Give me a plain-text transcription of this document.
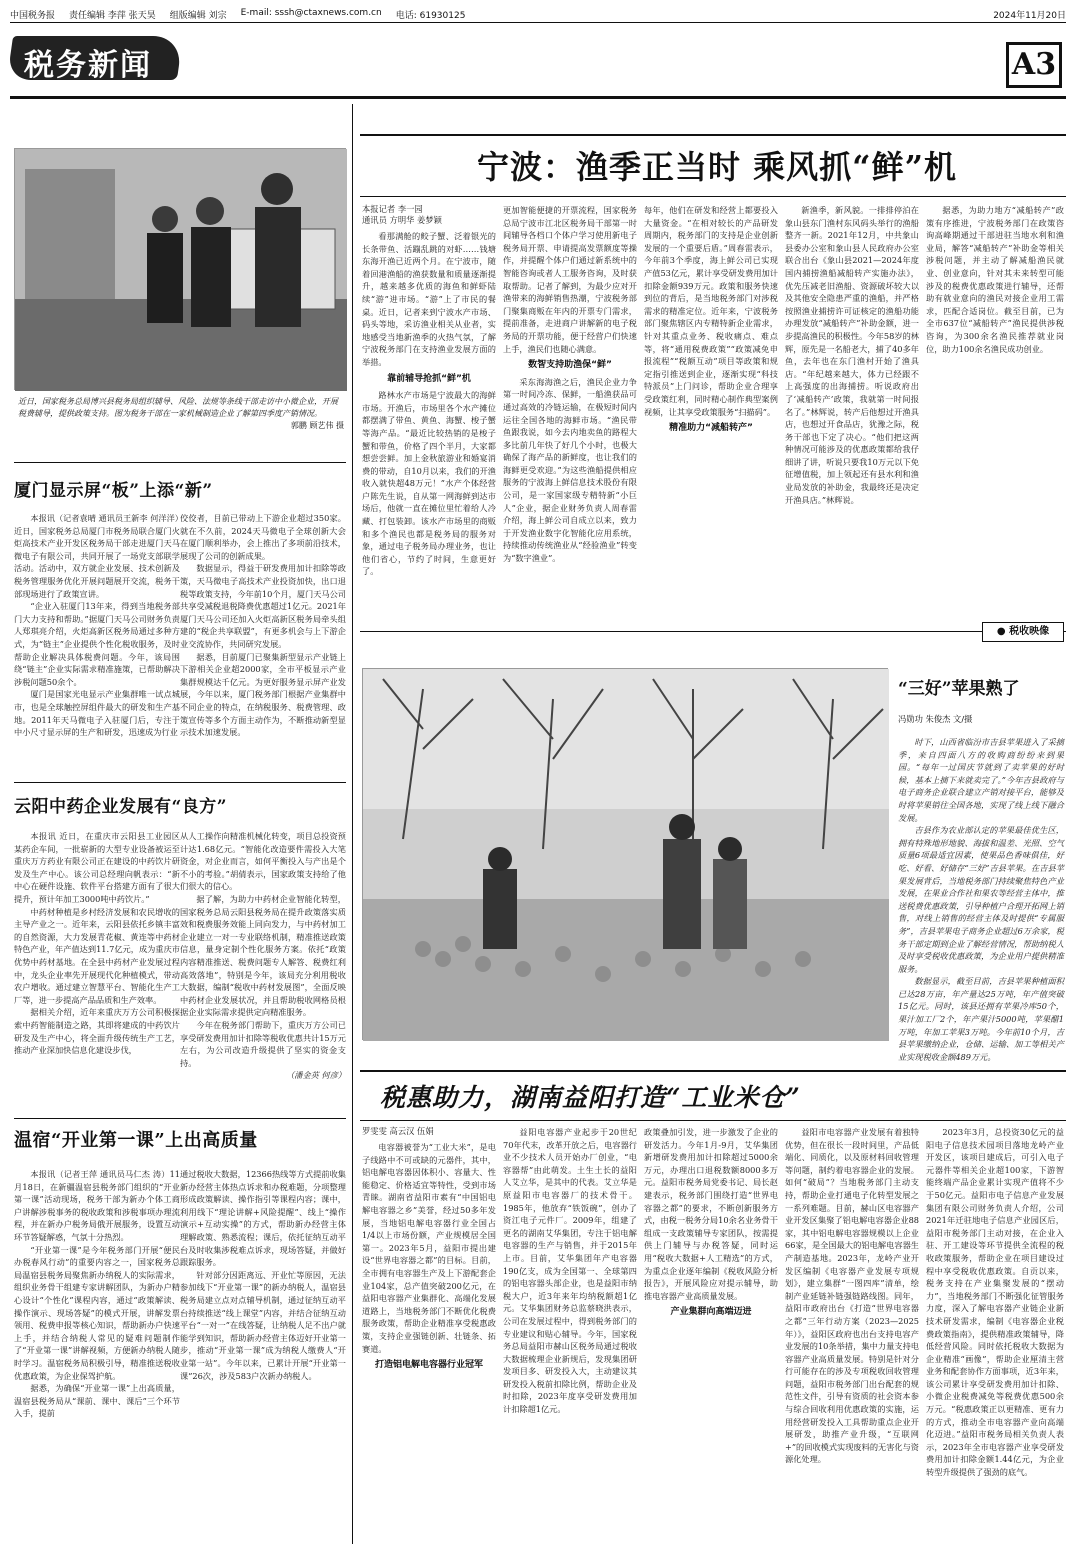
中国税务报 责任编辑 李萍 张天昊 组版编辑 刘宗 E-mail: sssh@ctaxnews.com.cn 电话: 61930125	2024年11月20日
税务新闻	A3
近日，国家税务总局博兴县税务局组织辅导、风险、法规等条线干部走访中小微企业，开展税费辅导，提供政策支持。图为税务干部在一家机械制造企业了解第四季度产销情况。
郭鹏 顾艺伟 摄
厦门显示屏“板”上添“新”

本报讯（记者袁晴 通讯员王新李 何洋洋）近日，国家税务总局厦门市税务局联合厦门火炬高技术产业开发区税务局干部走进厦门天马微电子有限公司，共同开展了一场党支部联学活动。活动中，双方就企业发展、技术创新及税务管理服务优化开展问题展开交流，税务干部现场进行了政策宣讲。

“企业入驻厦门13年来，得到当地税务部门大力支持和帮助。”据厦门天马公司财务负责人郑琪亮介绍，火炬高新区税务局通过多种方式，为“链主”企业提供个性化税收服务，及时帮助企业解决具体税费问题。今年，该局围绕“链主”企业实际需求精准施策，已帮助解决涉税问题50余个。

厦门是国家光电显示产业集群唯一试点城市，也是全球触控屏组件最大的研发和生产基地。2011年天马微电子入驻厦门后，专注于中小尺寸显示屏的生产和研发，迅速成为行业

佼佼者，目前已带动上下游企业超过350家。就在不久前，2024天马微电子全球创新大会在厦门顺利举办，会上推出了多项前沿技术，展现了公司的创新成果。

数据显示，得益于研发费用加计扣除等政策，天马微电子高技术产业投资加快，出口退税等政策支持，今年前10个月，厦门天马公司共享受减税退税降费优惠超过1亿元。2021年厦门天马公司还加入火炬高新区税务局牵头组建的“税企共享联盟”，有更多机会与上下游企业交流协作，共同研究发展。

据悉，目前厦门已聚集新型显示产业链上下游相关企业超2000家，全市平板显示产业集群规模达千亿元。为更好服务显示屏产业发展，今年以来，厦门税务部门根据产业集群中不同企业的特点，在纳税服务、税费管理、政策宣传等多个方面主动作为，不断推动新型显示技术加速发展。

云阳中药企业发展有“良方”

本报讯 近日，在重庆市云阳县工业园区某药企车间，一批崭新的大型专业设备被运至重庆万方药业有限公司正在建设的中药饮片研发及生产中心。该公司总经理向帆表示：“新中心在硬件设施、软件平台搭建方面有了很大提升，预计年加工3000吨中药饮片。”

中药材种植是乡村经济发展和农民增收的主导产业之一。近年来，云阳县依托乡镇丰富的自然资源，大力发展青花椒、黄连等中药材特色产业，年产值达到11.7亿元，成为重庆市优势中药材基地。在全县中药材产业发展过程中，龙头企业率先开展现代化种植模式，带动农户增收。通过建立智慧平台、智能化生产工厂等，进一步提高产品品质和生产效率。

据相关介绍，近年来重庆万方公司积极探索中药智能制造之路，其即将建成的中药饮片研发及生产中心，将全面升级传统生产工艺，推动产业深加快信息化建设步伐，

从人工操作向精准机械化转变，项目总投资预计达1.68亿元。“智能化改造要件需投入大笔资金，对企业而言，如何平衡投入与产出是个不小的考验。”胡倩表示，国家政策支持给了他们很大的信心。

据了解，为助力中药材企业智能化转型，国家税务总局云阳县税务局在提升政策落实质效和税费服务效能上同向发力，与中药材加工企业建立一对一专业联络机制，精准推送政策信息，量身定制个性化服务方案。依托“政策内容精准推送、税费问题专人解答、税费红利高效落地”，特别是今年，该局充分利用税收大数据，编制“税收中药材发展图”，全面反映中药材企业发展状况，并且帮助税收网格员根据企业实际需求提供定向精准服务。

今年在税务部门帮助下，重庆万方公司已享受研发费用加计扣除等税收优惠共计15万元左右，为公司改造升级提供了坚实的资金支持。

（潘金英 何彦）
温宿“开业第一课”上出高质量

本报讯（记者王萍 通讯员马仁杰 涛）11月18日，在新疆温宿县税务部门组织的“开业第一课”活动现场，税务干部为新办个体工商户讲解涉税事务的税收政策和涉税事项办理流程，并在新办户税务局俄开展服务，设置互动环节答疑解惑，气氛十分热烈。

“开业第一课”是今年税务部门开展“便民办税春风行动”的重要内容之一，国家税务总局温宿县税务局聚焦新办纳税人的实际需求，组织业务骨干组建专家讲解团队，为新办户精心设计“个性化”课程内容，通过“政策解读、操作演示、现场答疑”的模式开展，讲解发票领用、税费申报等核心知识，帮助新办户快速上手，并结合纳税人常见的疑难问题制作了“开业第一课”讲解视频，方便新办纳税人随时学习。温宿税务局积极引导，精准推送税收优惠政策，为企业保驾护航。

据悉，为确保“开业第一课”上出高质量，温宿县税务局从“课前、课中、课后”三个环节入手，提前

通过税收大数据，12366热线等方式提前收集新办经营主体热点诉求和办税难题，分项整理形成政策解读、操作指引等课程内容；课中，利用线下“理论讲解+风险提醒”、线上“操作演示+互动实操”的方式，帮助新办经营主体理解政策、熟悉流程；课后，依托征纳互动平台及时收集涉税难点诉求，现场答疑，并做好跟踪服务。

针对部分因距离远、开业忙等原因，无法参加线下“开业第一课”的新办纳税人，温宿县税务局建立点对点辅导机制，通过征纳互动平台持续推送“线上课堂”内容，并结合征纳互动平台“一对一”在线答疑，让纳税人足不出户就能学到知识，帮助新办经营主体迈好开业第一步，推动“开业第一课”成为纳税人缴费人“开业第一站”。今年以来，已累计开展“开业第一课”26次，涉及583户次新办纳税人。

宁波：渔季正当时 乘风抓“鲜”机
本报记者 李一园
通讯员 方明华 姜梦颖

看那满舱的鲛子蟹、泛着银光的长条带鱼、活蹦乱跳的对虾……钱塘东海开渔已近两个月。在宁波市，随着回港渔船的渔获数量和质量逐渐提升，越来越多优质的海鱼和鲜虾陆续“游”进市场。“游”上了市民的餐桌。近日，记者来到宁波水产市场、码头等地，采访渔业相关从业者，实地感受当地新渔季的火热气氛，了解宁波税务部门在支持渔业发展方面的举措。

靠前辅导抢抓“鲜”机

路林水产市场是宁波最大的海鲜市场。开渔后，市场里各个水产摊位都摆满了带鱼、黄鱼、海蟹、梭子蟹等海产品。“最近比较热销的是梭子蟹和带鱼，价格了四个半月，大家都想尝尝鲜。加上金秋旅游业和婚宴消费的带动，自10月以来，我们的开渔收入就快超48万元！”水产个体经营户陈先生说，自从第一网海鲜到达市场后，他就一直在摊位里忙着给人冷藏、打包装卸。该水产市场里的商贩和多个渔民也都是税务局的服务对象，通过电子税务局办理业务，也让他们省心，节约了时间，生意更好了。

更加智能便捷的开票流程，国家税务总局宁波市江北区税务局干部第一时间辅导各档口个体户学习使用新电子税务局开票、申请提高发票额度等操作，并提醒个体户们通过新系统中的智能咨询或者人工服务咨询，及时获取帮助。记者了解到，为最少应对开渔带来的海鲜销售热潮，宁波税务部门聚集商贩在年内的开票专门需求，提前准备，走进商户讲解新的电子税务局的开票功能，便于经营户们快速上手，渔民们也随心满意。

数智支持助渔保“鲜”

采东海海渔之后，渔民企业力争第一时间冷冻、保鲜，一船渔获品可通过高效的冷链运输，在极短时间内运往全国各地的海鲜市场。“渔民带鱼跟我说，如今去内地卖鱼的路程大多比前几年快了好几个小时，也极大确保了海产品的新鲜度，也让我们的海鲜更受欢迎。”为这些渔船提供相应服务的宁波海上鲜信息技术股份有限公司，是一家国家级专精特新“小巨人”企业，据企业财务负责人周春雷介绍，海上鲜公司自成立以来，致力于开发渔业数字化智能化应用系统，持续推动传统渔业从“经验渔业”转变为“数字渔业”。

每年，他们在研发和经营上都要投入大量资金。“在相对较长的产品研发周期内，税务部门的支持是企业创新发展的一个重要后盾。”周春雷表示，今年前3个季度，海上鲜公司已实现产值53亿元，累计享受研发费用加计扣除金额939万元。政策和服务快速到位的背后，是当地税务部门对涉税需求的精准定位。近年来，宁波税务部门聚焦辖区内专精特新企业需求，针对其重点业务、税收痛点、难点等，将“通用税费政策”“政策减免申报流程”“税额互动”项目等政策和规定指引推送到企业，逐渐实现“科技特派员”上门问诊，帮助企业合理享受政策红利，同时精心制作典型案例视频，让其享受政策服务“扫描码”。

精准助力“减船转产”

新渔季，新风貌。一排排停泊在象山县东门渔村东风码头举行的渔船整齐一新。2021年12月，中共象山县委办公室和象山县人民政府办公室联合出台《象山县2021—2024年度国内捕捞渔船减船转产实施办法》，优先压减老旧渔船、资源破坏较大以及其他安全隐患严重的渔船，并严格按照渔业捕捞许可证核定的渔船功能办理发放“减船转产”补助金额，进一步提高渔民的积极性。今年58岁的林辉，原先是一名船老大，捕了40多年鱼，去年也在东门渔村开始了渔具店。“年纪越来越大，体力已经跟不上高强度的出海捕捞。听说政府出了‘减船转产’政策，我就第一时间报名了。”林辉说，转产后他想过开渔具店，也想过开食品店，犹豫之际，税务干部也下定了决心。“他们把这两种情况可能涉及的优惠政策都给我仔细讲了讲，听说只要我10万元以下免征增值税，加上领起还有县水利和渔业局发放的补助金，我最终还是决定开渔具店。”林辉说。

据悉，为助力地方“减船转产”政策有序推进，宁波税务部门在政策咨询高峰期通过干部进驻当地水利和渔业局，解答“减船转产”补助金等相关涉税问题，并主动了解减船渔民就业、创业意向，针对其未来转型可能涉及的税费优惠政策进行辅导，还帮助有就业意向的渔民对接企业用工需求，匹配合适岗位。截至目前，已为全市637位“减船转产”渔民提供涉税咨询，为300余名渔民推荐就业岗位，助力100余名渔民成功创业。

● 税收映像
“三好”苹果熟了
冯勋功 朱俊杰 文/摄

时下，山西省临汾市吉县苹果进入了采摘季，来自四面八方的收购商纷纷来到果园。“每年一过国庆节就到了卖苹果的好时候，基本上摘下来就卖完了。”今年吉县政府与电子商务企业联合建立产销对接平台，能够及时将苹果销往全国各地，实现了线上线下融合发展。

吉县作为农业部认定的苹果最佳优生区，拥有特殊地形地貌、海拔和温差、光照、空气质量6项最适宜因素，使果品色香味俱佳，好吃、好看、好储存“三好”吉县苹果。在吉县苹果发展背后，当地税务部门持续聚焦特色产业发展，在果业合作社和果农等经营主体中，推送税费优惠政策，引导种植户合理开拓网上销售，对线上销售的经营主体及时提供“专属服务”，吉县苹果电子商务企业超过6万余家，税务干部定期到企业了解经营情况，帮助纳税人及时享受税收优惠政策，为企业用户提供精准服务。

数据显示，截至目前，吉县苹果种植面积已达28万亩，年产量达25万吨，年产值突破15亿元。同时，该县还拥有苹果冷库50个，果汁加工厂2个，年产果汁5000吨，苹果醋1万吨，年加工苹果3万吨。今年前10个月，吉县苹果缴纳企业，仓储、运输、加工等相关产业实现税收金额489万元。

税惠助力，湖南益阳打造“工业米仓”
罗雯雯 高云汉 伍娟

电容器被誉为“工业大米”，是电子线路中不可或缺的元器件，其中，铝电解电容器因体积小、容量大、性能稳定、价格适宜等特性，受到市场青睐。湖南省益阳市素有“中国铝电解电容器之乡”美誉，经过50多年发展，当地铝电解电容器行业全国占1/4以上市场份额，产业规模居全国第一。2023年5月，益阳市提出建设“世界电容器之都”的目标。目前，全市拥有电容器生产及上下游配套企业104家，总产值突破200亿元，在益阳电容器产业集群化、高端化发展道路上，当地税务部门不断优化税费服务政策，帮助企业精准享受税惠政策，支持企业强链创新、壮链条、拓赛道。

打造铝电解电容器行业冠军

益阳电容器产业起步于20世纪70年代末，改革开放之后，电容器行业不少技术人员开始办厂创业，“电容器帮”由此萌发。土生土长的益阳人艾立华，是其中的代表。艾立华是原益阳市电容器厂的技术骨干。1985年，他放弃“铁饭碗”，创办了资江电子元件厂。2009年，组建了更名的湖南艾华集团，专注于铝电解电容器的生产与销售，并于2015年上市。目前，艾华集团年产电容器190亿支，成为全国第一、全球第四的铝电容器头部企业，也是益阳市纳税大户，近3年来年均纳税额超1亿元。艾华集团财务总监蔡晓洪表示，公司在发展过程中，得到税务部门的专业建议和贴心辅导。今年，国家税务总局益阳市赫山区税务局通过税收大数据梳理企业新规后，发现集团研发项目多、研发投入大，主动建议其研发投入税前扣除比例，帮助企业及时扣除，2023年度享受研发费用加计扣除超1亿元。

政策叠加引发，进一步激发了企业的研发活力。今年1月-9月，艾华集团新增研发费用加计扣除超过5000余万元，办理出口退税数额8000多万元。益阳市税务局党委书记、局长赵建表示，税务部门围绕打造“世界电容器之都”的要求，不断创新服务方式，由税一税务分局10余名业务骨干组成一支政策辅导专家团队，按需提供上门辅导与办税答疑，同时运用“税收大数据+人工精选”的方式，为重点企业逐年编制《税收风险分析报告》，开展风险应对提示辅导，助推电容器产业高质量发展。

产业集群向高端迈进

益阳市电容器产业发展有着独特优势，但在很长一段时间里，产品低端化、同质化，以及原材料回收管理等问题，制约着电容器企业的发展。如何“破局”？当地税务部门主动支持，帮助企业打通电子化转型发展之一系列难题。目前，赫山区电容器产业开发区集聚了铝电解电容器企业88家，其中铝电解电容器规模以上企业66家，是全国最大的铝电解电容器生产制造基地。2023年，龙岭产业开发区编制《电容器产业发展专项规划》，建立集群“一图四库”清单，绘制产业延链补链强链路线图。同年，益阳市政府出台《打造“世界电容器之都”三年行动方案（2023—2025年）》，益阳区政府也出台支持电容产业发展的10条举措，集中力量支持电容器产业高质量发展。特别是针对分行可能存在的涉及专项税收回收管理问题，益阳市税务部门出台配套的规范性文件，引导有资质的社会资本参与综合回收利用优惠政策的实施，运用经营研发投入工具帮助重点企业开展研发，助推产业升级，“互联网+”的回收模式实现废料的无害化与资源化处理。

2023年3月，总投资30亿元的益阳电子信息技术园项目落地龙岭产业开发区，该项目建成后，可引入电子元器件等相关企业超100家，下游智能终端产品企业累计实现产值将不少于50亿元。益阳市电子信息产业发展集团有限公司财务负责人介绍，公司2021年迁驻地电子信息产业园区后，益阳市税务部门主动对接，在企业入驻、开工建设等环节提供全流程的税收政策服务，帮助企业在项目建设过程中享受税收优惠政策。自贡以来，税务支持在产业集聚发展的“摆动力”，当地税务部门不断强化征管服务力度，深入了解电容器产业链企业新技术研发需求，编制《电容器企业税费政策指南》，提供精准政策辅导，降低经营风险。同时依托税收大数据为企业精准“画像”，帮助企业厘清主营业务和配套协作方面事项，近3年来，该公司累计享受研发费用加计扣除、小微企业税费减免等税费优惠500余万元。“税惠政策正以更精准、更有力的方式，推动全市电容器产业向高端化迈进。”益阳市税务局相关负责人表示，2023年全市电容器产业享受研发费用加计扣除金额1.44亿元，为企业转型升级提供了强劲的底气。
